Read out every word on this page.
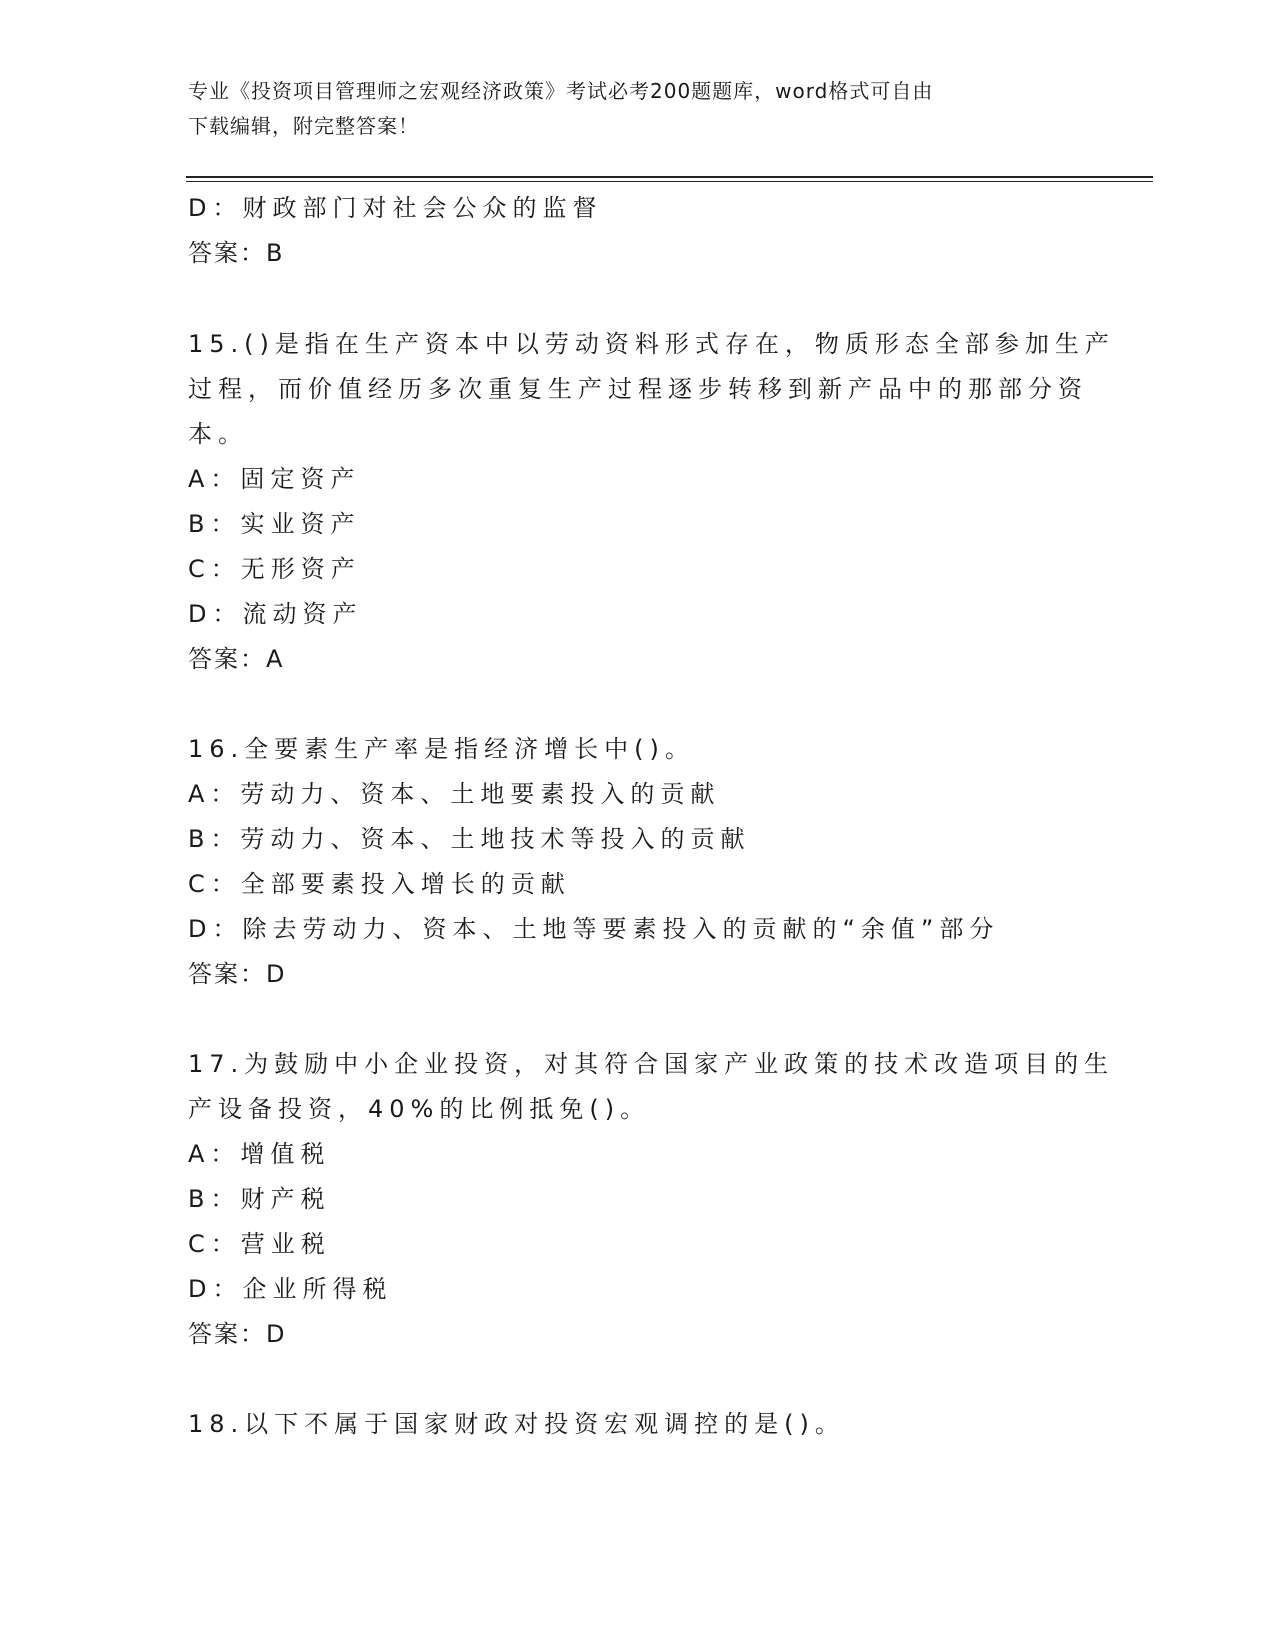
专业《投资项目管理师之宏观经济政策》考试必考200题题库，word格式可自由
下载编辑，附完整答案！
D：财政部门对社会公众的监督
答案：B
15.()是指在生产资本中以劳动资料形式存在，物质形态全部参加生产
过程，而价值经历多次重复生产过程逐步转移到新产品中的那部分资
本。
A：固定资产
B：实业资产
C：无形资产
D：流动资产
答案：A
16.全要素生产率是指经济增长中()。
A：劳动力、资本、土地要素投入的贡献
B：劳动力、资本、土地技术等投入的贡献
C：全部要素投入增长的贡献
D：除去劳动力、资本、土地等要素投入的贡献的“余值”部分
答案：D
17.为鼓励中小企业投资，对其符合国家产业政策的技术改造项目的生
产设备投资，40%的比例抵免()。
A：增值税
B：财产税
C：营业税
D：企业所得税
答案：D
18.以下不属于国家财政对投资宏观调控的是()。
